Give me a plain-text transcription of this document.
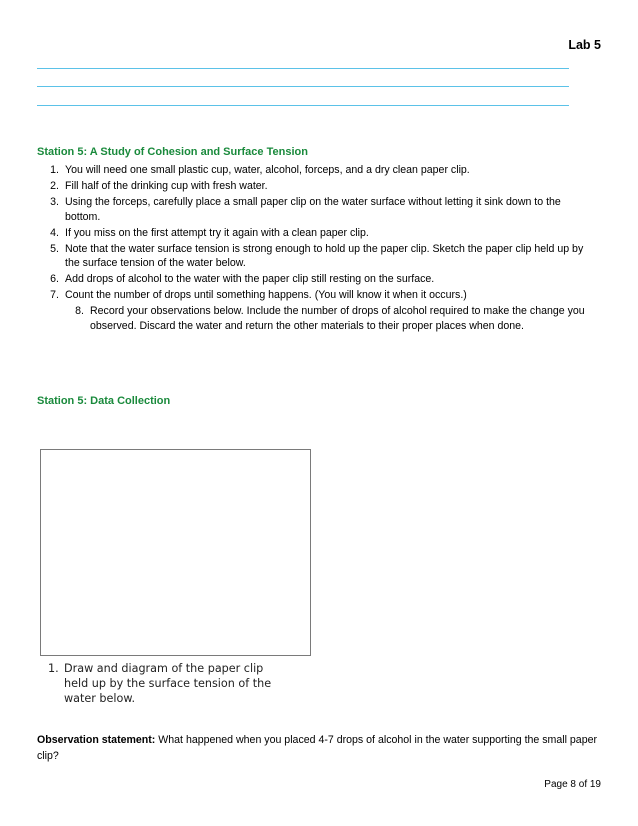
Lab 5
Station 5: A Study of Cohesion and Surface Tension
1. You will need one small plastic cup, water, alcohol, forceps, and a dry clean paper clip.
2. Fill half of the drinking cup with fresh water.
3. Using the forceps, carefully place a small paper clip on the water surface without letting it sink down to the bottom.
4. If you miss on the first attempt try it again with a clean paper clip.
5. Note that the water surface tension is strong enough to hold up the paper clip. Sketch the paper clip held up by the surface tension of the water below.
6. Add drops of alcohol to the water with the paper clip still resting on the surface.
7. Count the number of drops until something happens. (You will know it when it occurs.)
8. Record your observations below. Include the number of drops of alcohol required to make the change you observed. Discard the water and return the other materials to their proper places when done.
Station 5: Data Collection
1. Draw and diagram of the paper clip held up by the surface tension of the water below.
Observation statement: What happened when you placed 4-7 drops of alcohol in the water supporting the small paper clip?
Page 8 of 19
